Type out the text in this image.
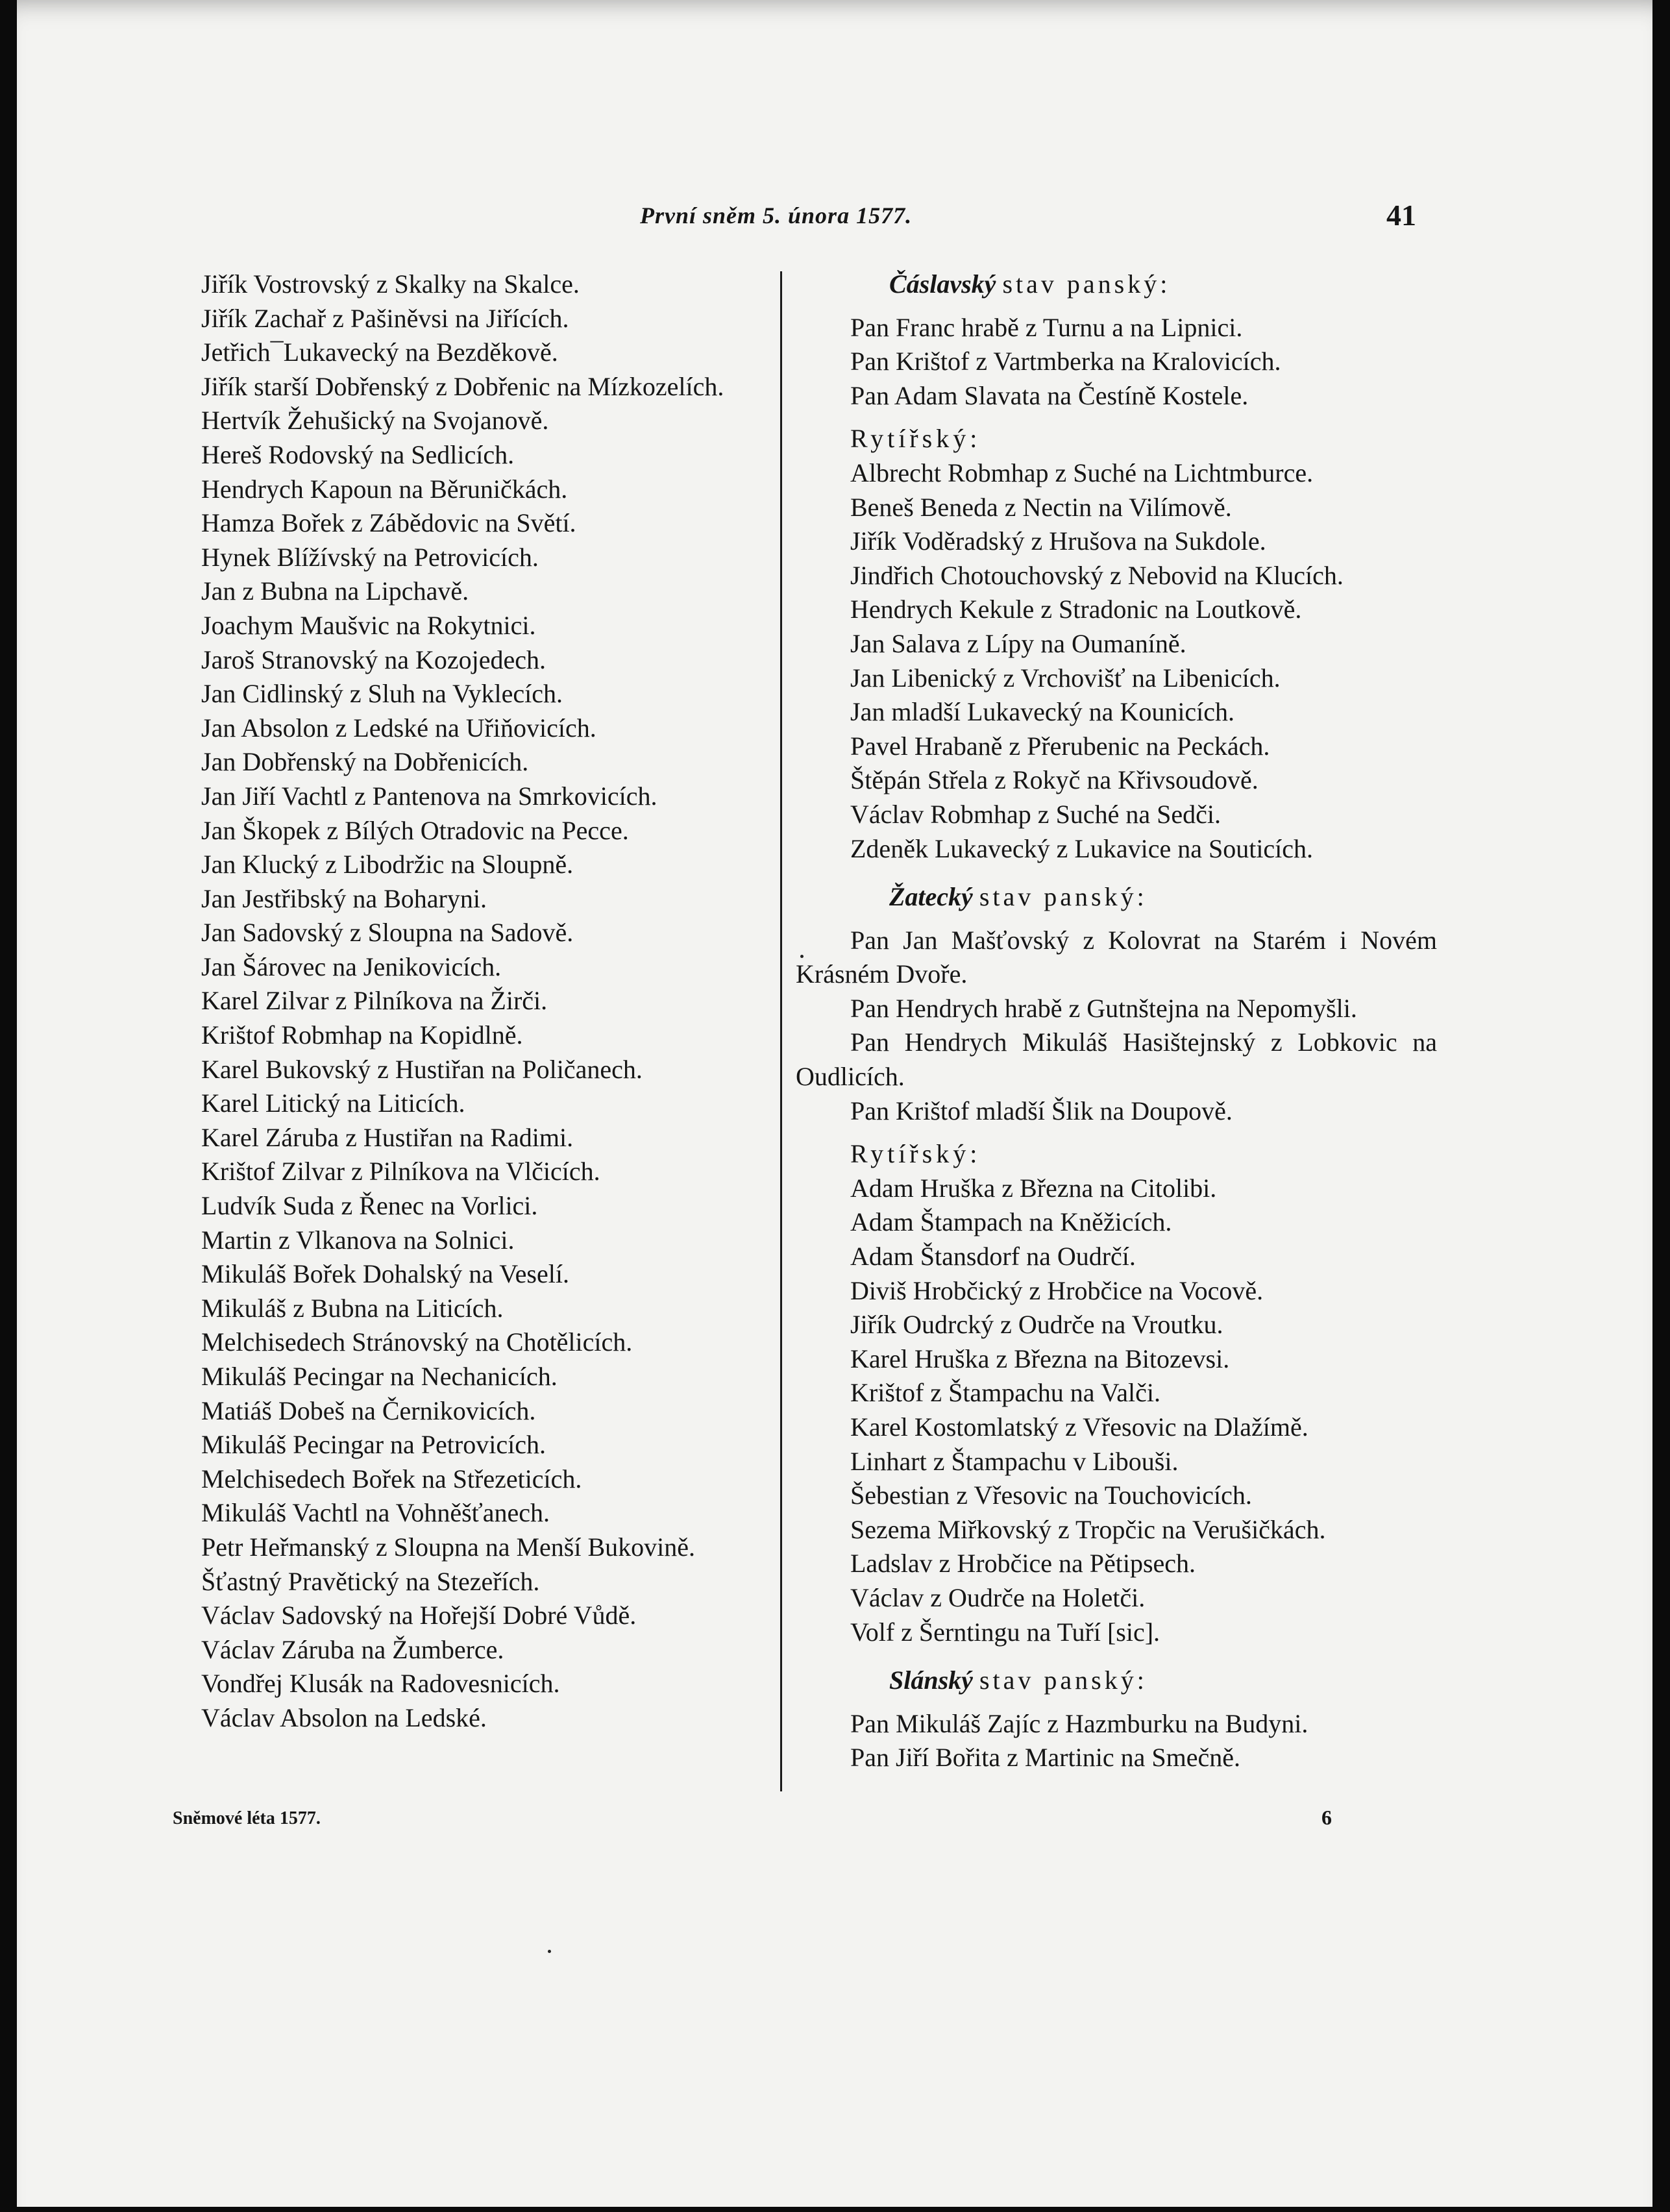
První sněm 5. února 1577.	41

Jiřík Vostrovský z Skalky na Skalce.

Jiřík Zachař z Pašiněvsi na Jiřících.

Jetřich¯Lukavecký na Bezděkově.

Jiřík starší Dobřenský z Dobřenic na Mízkozelích.

Hertvík Žehušický na Svojanově.

Hereš Rodovský na Sedlicích.

Hendrych Kapoun na Běruničkách.

Hamza Bořek z Zábědovic na Světí.

Hynek Blížívský na Petrovicích.

Jan z Bubna na Lipchavě.

Joachym Maušvic na Rokytnici.

Jaroš Stranovský na Kozojedech.

Jan Cidlinský z Sluh na Vyklecích.

Jan Absolon z Ledské na Uřiňovicích.

Jan Dobřenský na Dobřenicích.

Jan Jiří Vachtl z Pantenova na Smrkovicích.

Jan Škopek z Bílých Otradovic na Pecce.

Jan Klucký z Libodržic na Sloupně.

Jan Jestřibský na Boharyni.

Jan Sadovský z Sloupna na Sadově.

Jan Šárovec na Jenikovicích.

Karel Zilvar z Pilníkova na Žirči.

Krištof Robmhap na Kopidlně.

Karel Bukovský z Hustiřan na Poličanech.

Karel Litický na Liticích.

Karel Záruba z Hustiřan na Radimi.

Krištof Zilvar z Pilníkova na Vlčicích.

Ludvík Suda z Řenec na Vorlici.

Martin z Vlkanova na Solnici.

Mikuláš Bořek Dohalský na Veselí.

Mikuláš z Bubna na Liticích.

Melchisedech Stránovský na Chotělicích.

Mikuláš Pecingar na Nechanicích.

Matiáš Dobeš na Černikovicích.

Mikuláš Pecingar na Petrovicích.

Melchisedech Bořek na Střezeticích.

Mikuláš Vachtl na Vohněšťanech.

Petr Heřmanský z Sloupna na Menší Bukovině.

Šťastný Pravětický na Stezeřích.

Václav Sadovský na Hořejší Dobré Vůdě.

Václav Záruba na Žumberce.

Vondřej Klusák na Radovesnicích.

Václav Absolon na Ledské.

Čáslavský stav panský:

Pan Franc hrabě z Turnu a na Lipnici.

Pan Krištof z Vartmberka na Kralovicích.

Pan Adam Slavata na Čestíně Kostele.

Rytířský:

Albrecht Robmhap z Suché na Lichtmburce.

Beneš Beneda z Nectin na Vilímově.

Jiřík Voděradský z Hrušova na Sukdole.

Jindřich Chotouchovský z Nebovid na Klucích.

Hendrych Kekule z Stradonic na Loutkově.

Jan Salava z Lípy na Oumaníně.

Jan Libenický z Vrchovišť na Libenicích.

Jan mladší Lukavecký na Kounicích.

Pavel Hrabaně z Přerubenic na Peckách.

Štěpán Střela z Rokyč na Křivsoudově.

Václav Robmhap z Suché na Sedči.

Zdeněk Lukavecký z Lukavice na Souticích.

Žatecký stav panský:

Pan Jan Mašťovský z Kolovrat na Starém i Novém Krásném Dvoře.

Pan Hendrych hrabě z Gutnštejna na Nepomyšli.

Pan Hendrych Mikuláš Hasištejnský z Lobkovic na Oudlicích.

Pan Krištof mladší Šlik na Doupově.

Rytířský:

Adam Hruška z Března na Citolibi.

Adam Štampach na Kněžicích.

Adam Štansdorf na Oudrčí.

Diviš Hrobčický z Hrobčice na Vocově.

Jiřík Oudrcký z Oudrče na Vroutku.

Karel Hruška z Března na Bitozevsi.

Krištof z Štampachu na Valči.

Karel Kostomlatský z Vřesovic na Dlažímě.

Linhart z Štampachu v Libouši.

Šebestian z Vřesovic na Touchovicích.

Sezema Miřkovský z Tropčic na Verušičkách.

Ladslav z Hrobčice na Pětipsech.

Václav z Oudrče na Holetči.

Volf z Šerntingu na Tuří [sic].

Slánský stav panský:

Pan Mikuláš Zajíc z Hazmburku na Budyni.

Pan Jiří Bořita z Martinic na Smečně.

Sněmové léta 1577.	6
